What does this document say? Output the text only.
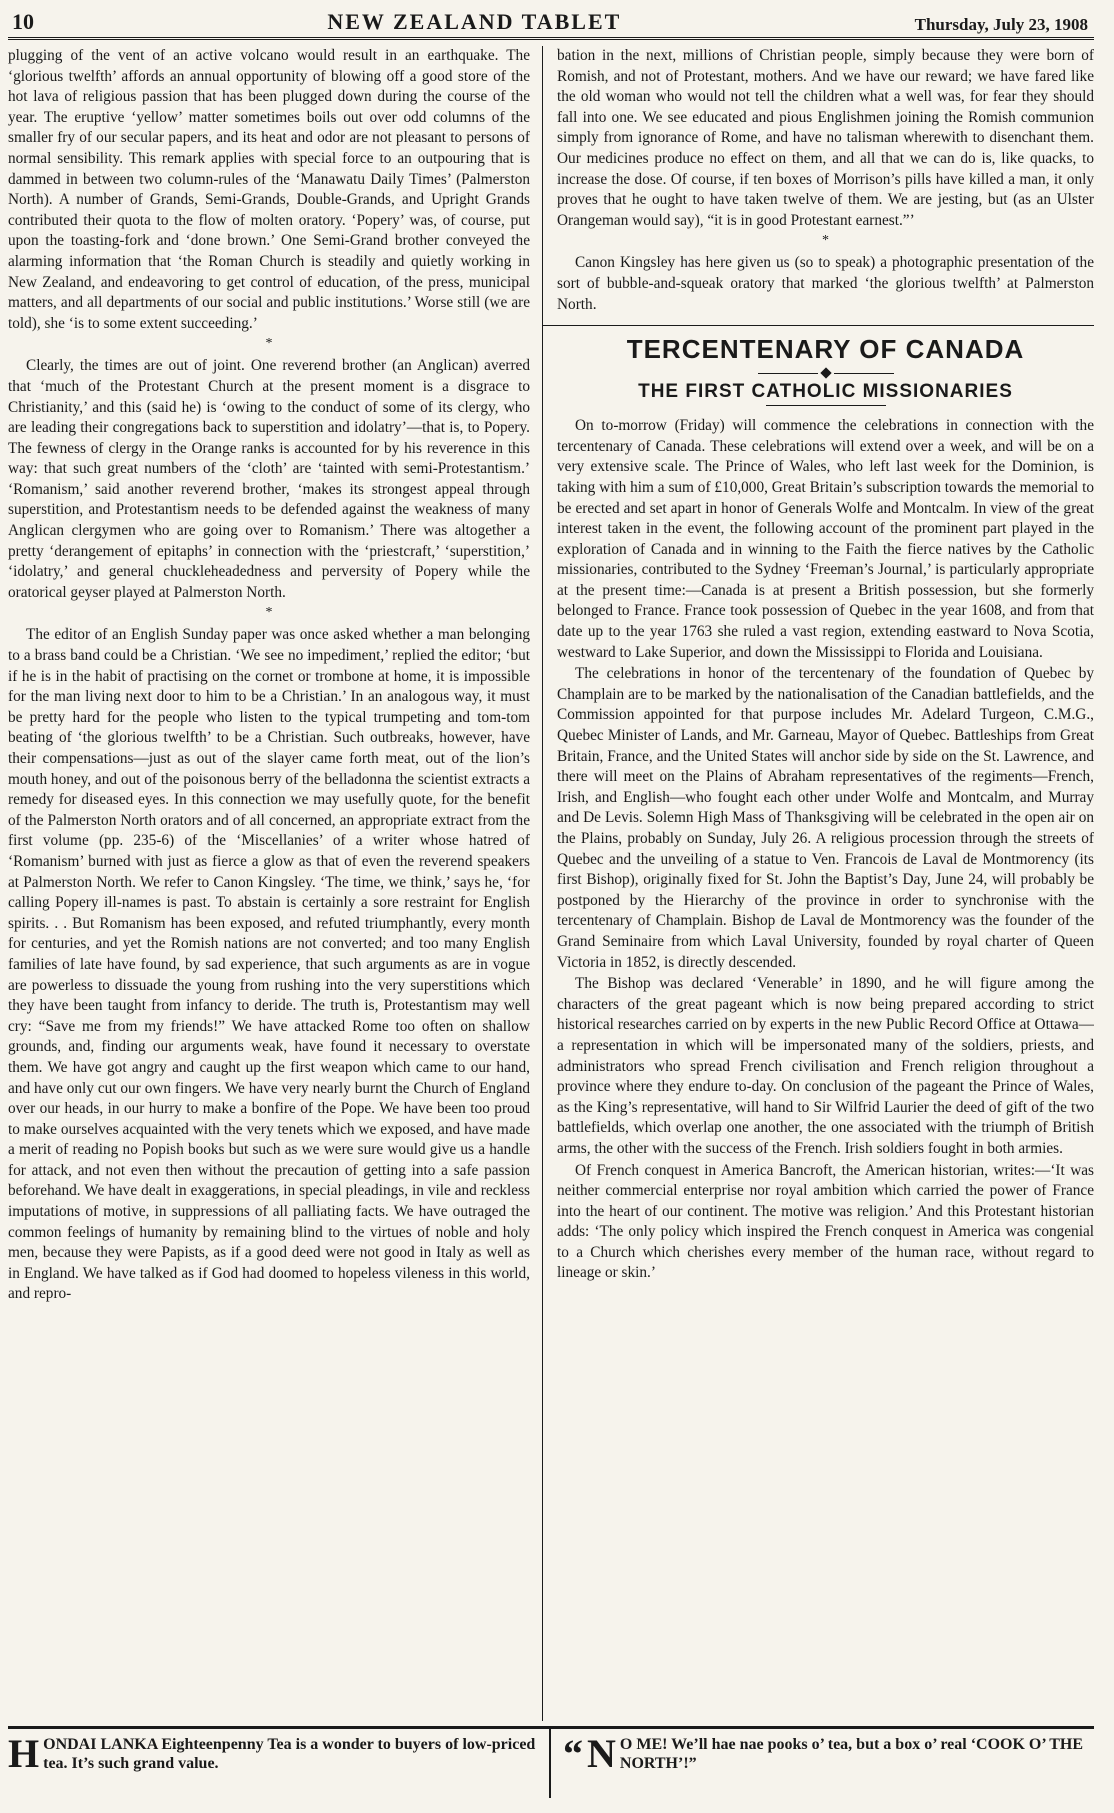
10	NEW ZEALAND TABLET	Thursday, July 23, 1908

plugging of the vent of an active volcano would result in an earthquake. The ‘glorious twelfth’ affords an annual opportunity of blowing off a good store of the hot lava of religious passion that has been plugged down during the course of the year. The eruptive ‘yellow’ matter sometimes boils out over odd columns of the smaller fry of our secular papers, and its heat and odor are not pleasant to persons of normal sensibility. This remark applies with special force to an outpouring that is dammed in between two column-rules of the ‘Manawatu Daily Times’ (Palmerston North). A number of Grands, Semi-Grands, Double-Grands, and Upright Grands contributed their quota to the flow of molten oratory. ‘Popery’ was, of course, put upon the toasting-fork and ‘done brown.’ One Semi-Grand brother conveyed the alarming information that ‘the Roman Church is steadily and quietly working in New Zealand, and endeavoring to get control of education, of the press, municipal matters, and all departments of our social and public institutions.’ Worse still (we are told), she ‘is to some extent succeeding.’

*

Clearly, the times are out of joint. One reverend brother (an Anglican) averred that ‘much of the Protestant Church at the present moment is a disgrace to Christianity,’ and this (said he) is ‘owing to the conduct of some of its clergy, who are leading their congregations back to superstition and idolatry’—that is, to Popery. The fewness of clergy in the Orange ranks is accounted for by his reverence in this way: that such great numbers of the ‘cloth’ are ‘tainted with semi-Protestantism.’ ‘Romanism,’ said another reverend brother, ‘makes its strongest appeal through superstition, and Protestantism needs to be defended against the weakness of many Anglican clergymen who are going over to Romanism.’ There was altogether a pretty ‘derangement of epitaphs’ in connection with the ‘priestcraft,’ ‘superstition,’ ‘idolatry,’ and general chuckleheadedness and perversity of Popery while the oratorical geyser played at Palmerston North.

*

The editor of an English Sunday paper was once asked whether a man belonging to a brass band could be a Christian. ‘We see no impediment,’ replied the editor; ‘but if he is in the habit of practising on the cornet or trombone at home, it is impossible for the man living next door to him to be a Christian.’ In an analogous way, it must be pretty hard for the people who listen to the typical trumpeting and tom-tom beating of ‘the glorious twelfth’ to be a Christian. Such outbreaks, however, have their compensations—just as out of the slayer came forth meat, out of the lion’s mouth honey, and out of the poisonous berry of the belladonna the scientist extracts a remedy for diseased eyes. In this connection we may usefully quote, for the benefit of the Palmerston North orators and of all concerned, an appropriate extract from the first volume (pp. 235-6) of the ‘Miscellanies’ of a writer whose hatred of ‘Romanism’ burned with just as fierce a glow as that of even the reverend speakers at Palmerston North. We refer to Canon Kingsley. ‘The time, we think,’ says he, ‘for calling Popery ill-names is past. To abstain is certainly a sore restraint for English spirits. . . But Romanism has been exposed, and refuted triumphantly, every month for centuries, and yet the Romish nations are not converted; and too many English families of late have found, by sad experience, that such arguments as are in vogue are powerless to dissuade the young from rushing into the very superstitions which they have been taught from infancy to deride. The truth is, Protestantism may well cry: “Save me from my friends!” We have attacked Rome too often on shallow grounds, and, finding our arguments weak, have found it necessary to overstate them. We have got angry and caught up the first weapon which came to our hand, and have only cut our own fingers. We have very nearly burnt the Church of England over our heads, in our hurry to make a bonfire of the Pope. We have been too proud to make ourselves acquainted with the very tenets which we exposed, and have made a merit of reading no Popish books but such as we were sure would give us a handle for attack, and not even then without the precaution of getting into a safe passion beforehand. We have dealt in exaggerations, in special pleadings, in vile and reckless imputations of motive, in suppressions of all palliating facts. We have outraged the common feelings of humanity by remaining blind to the virtues of noble and holy men, because they were Papists, as if a good deed were not good in Italy as well as in England. We have talked as if God had doomed to hopeless vileness in this world, and repro-

bation in the next, millions of Christian people, simply because they were born of Romish, and not of Protestant, mothers. And we have our reward; we have fared like the old woman who would not tell the children what a well was, for fear they should fall into one. We see educated and pious Englishmen joining the Romish communion simply from ignorance of Rome, and have no talisman wherewith to disenchant them. Our medicines produce no effect on them, and all that we can do is, like quacks, to increase the dose. Of course, if ten boxes of Morrison’s pills have killed a man, it only proves that he ought to have taken twelve of them. We are jesting, but (as an Ulster Orangeman would say), “it is in good Protestant earnest.”’

*

Canon Kingsley has here given us (so to speak) a photographic presentation of the sort of bubble-and-squeak oratory that marked ‘the glorious twelfth’ at Palmerston North.

TERCENTENARY OF CANADA
THE FIRST CATHOLIC MISSIONARIES

On to-morrow (Friday) will commence the celebrations in connection with the tercentenary of Canada. These celebrations will extend over a week, and will be on a very extensive scale. The Prince of Wales, who left last week for the Dominion, is taking with him a sum of £10,000, Great Britain’s subscription towards the memorial to be erected and set apart in honor of Generals Wolfe and Montcalm. In view of the great interest taken in the event, the following account of the prominent part played in the exploration of Canada and in winning to the Faith the fierce natives by the Catholic missionaries, contributed to the Sydney ‘Freeman’s Journal,’ is particularly appropriate at the present time:—Canada is at present a British possession, but she formerly belonged to France. France took possession of Quebec in the year 1608, and from that date up to the year 1763 she ruled a vast region, extending eastward to Nova Scotia, westward to Lake Superior, and down the Mississippi to Florida and Louisiana.

The celebrations in honor of the tercentenary of the foundation of Quebec by Champlain are to be marked by the nationalisation of the Canadian battlefields, and the Commission appointed for that purpose includes Mr. Adelard Turgeon, C.M.G., Quebec Minister of Lands, and Mr. Garneau, Mayor of Quebec. Battleships from Great Britain, France, and the United States will anchor side by side on the St. Lawrence, and there will meet on the Plains of Abraham representatives of the regiments—French, Irish, and English—who fought each other under Wolfe and Montcalm, and Murray and De Levis. Solemn High Mass of Thanksgiving will be celebrated in the open air on the Plains, probably on Sunday, July 26. A religious procession through the streets of Quebec and the unveiling of a statue to Ven. Francois de Laval de Montmorency (its first Bishop), originally fixed for St. John the Baptist’s Day, June 24, will probably be postponed by the Hierarchy of the province in order to synchronise with the tercentenary of Champlain. Bishop de Laval de Montmorency was the founder of the Grand Seminaire from which Laval University, founded by royal charter of Queen Victoria in 1852, is directly descended.

The Bishop was declared ‘Venerable’ in 1890, and he will figure among the characters of the great pageant which is now being prepared according to strict historical researches carried on by experts in the new Public Record Office at Ottawa—a representation in which will be impersonated many of the soldiers, priests, and administrators who spread French civilisation and French religion throughout a province where they endure to-day. On conclusion of the pageant the Prince of Wales, as the King’s representative, will hand to Sir Wilfrid Laurier the deed of gift of the two battlefields, which overlap one another, the one associated with the triumph of British arms, the other with the success of the French. Irish soldiers fought in both armies.

Of French conquest in America Bancroft, the American historian, writes:—‘It was neither commercial enterprise nor royal ambition which carried the power of France into the heart of our continent. The motive was religion.’ And this Protestant historian adds: ‘The only policy which inspired the French conquest in America was congenial to a Church which cherishes every member of the human race, without regard to lineage or skin.’

H ONDAI LANKA Eighteenpenny Tea is a wonder to buyers of low-priced tea. It’s such grand value.	“ N O ME! We’ll hae nae pooks o’ tea, but a box o’ real ‘COOK O’ THE NORTH’!”
